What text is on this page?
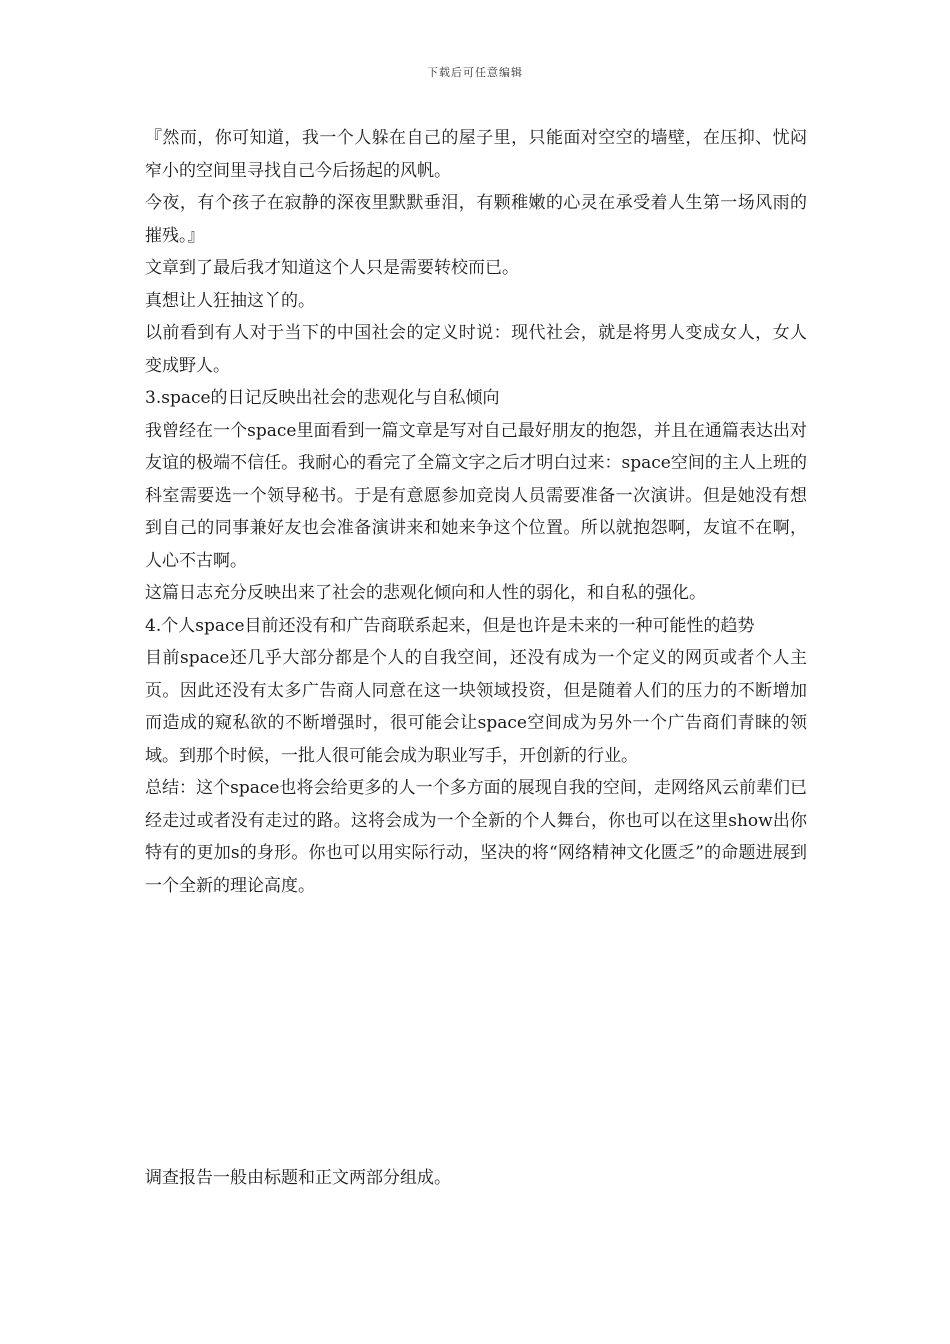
下载后可任意编辑

『然而，你可知道，我一个人躲在自己的屋子里，只能面对空空的墙壁，在压抑、忧闷窄小的空间里寻找自己今后扬起的风帆。

今夜，有个孩子在寂静的深夜里默默垂泪，有颗稚嫩的心灵在承受着人生第一场风雨的摧残。』

文章到了最后我才知道这个人只是需要转校而已。

真想让人狂抽这丫的。

以前看到有人对于当下的中国社会的定义时说：现代社会，就是将男人变成女人，女人变成野人。

3.space的日记反映出社会的悲观化与自私倾向

我曾经在一个space里面看到一篇文章是写对自己最好朋友的抱怨，并且在通篇表达出对友谊的极端不信任。我耐心的看完了全篇文字之后才明白过来：space空间的主人上班的科室需要选一个领导秘书。于是有意愿参加竞岗人员需要准备一次演讲。但是她没有想到自己的同事兼好友也会准备演讲来和她来争这个位置。所以就抱怨啊，友谊不在啊，人心不古啊。

这篇日志充分反映出来了社会的悲观化倾向和人性的弱化，和自私的强化。

4.个人space目前还没有和广告商联系起来，但是也许是未来的一种可能性的趋势

目前space还几乎大部分都是个人的自我空间，还没有成为一个定义的网页或者个人主页。因此还没有太多广告商人同意在这一块领域投资，但是随着人们的压力的不断增加而造成的窥私欲的不断增强时，很可能会让space空间成为另外一个广告商们青睐的领域。到那个时候，一批人很可能会成为职业写手，开创新的行业。

总结：这个space也将会给更多的人一个多方面的展现自我的空间，走网络风云前辈们已经走过或者没有走过的路。这将会成为一个全新的个人舞台，你也可以在这里show出你特有的更加s的身形。你也可以用实际行动，坚决的将“网络精神文化匮乏”的命题进展到一个全新的理论高度。

调查报告一般由标题和正文两部分组成。
